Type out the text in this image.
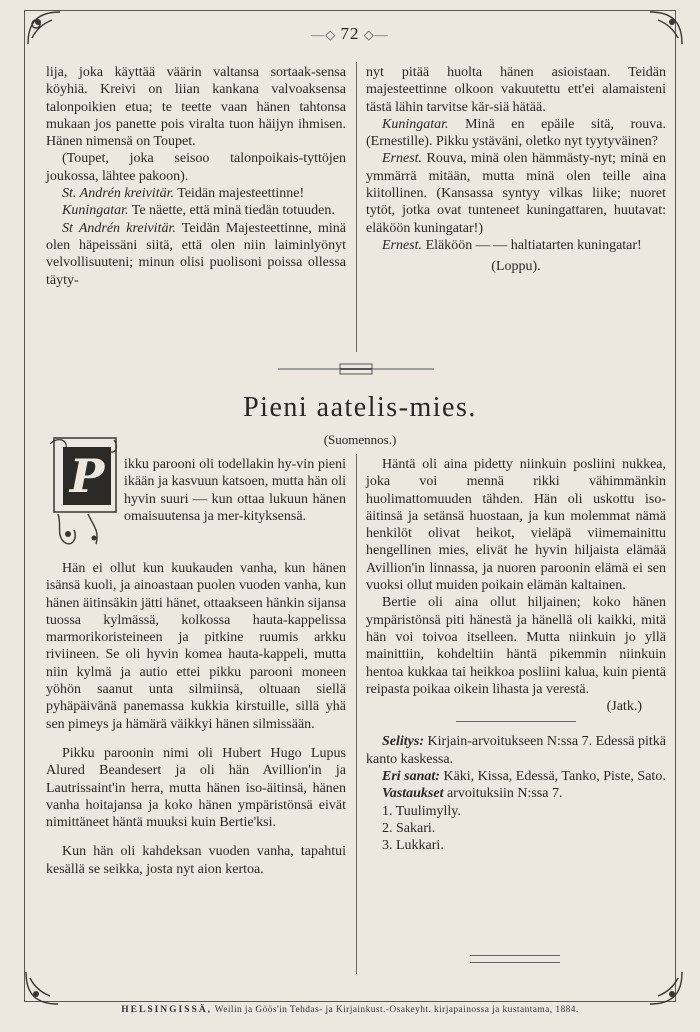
—◇ 72 ◇—

lija, joka käyttää väärin valtansa sortaak-sensa köyhiä. Kreivi on liian kankana valvoaksensa talonpoikien etua; te teette vaan hänen tahtonsa mukaan jos panette pois viralta tuon häijyn ihmisen. Hänen nimensä on Toupet.

(Toupet, joka seisoo talonpoikais-tyttöjen joukossa, lähtee pakoon).

St. Andrén kreivitär. Teidän majesteettinne!

Kuningatar. Te näette, että minä tiedän totuuden.

St Andrén kreivitär. Teidän Majesteettinne, minä olen häpeissäni siitä, että olen niin laiminlyönyt velvollisuuteni; minun olisi puolisoni poissa ollessa täyty-

nyt pitää huolta hänen asioistaan. Teidän majesteettinne olkoon vakuutettu ett'ei alamaisteni tästä lähin tarvitse kär-siä hätää.

Kuningatar. Minä en epäile sitä, rouva. (Ernestille). Pikku ystäväni, oletko nyt tyytyväinen?

Ernest. Rouva, minä olen hämmästy-nyt; minä en ymmärrä mitään, mutta minä olen teille aina kiitollinen. (Kansassa syntyy vilkas liike; nuoret tytöt, jotka ovat tunteneet kuningattaren, huutavat: eläköön kuningatar!)

Ernest. Eläköön — — haltiatarten kuningatar!

(Loppu).

Pieni aatelis-mies.
(Suomennos.)
P	ikku parooni oli todellakin hy-vin pieni ikään ja kasvuun katsoen, mutta hän oli hyvin suuri — kun ottaa lukuun hänen omaisuutensa ja mer-kityksensä.

Hän ei ollut kun kuukauden vanha, kun hänen isänsä kuoli, ja ainoastaan puolen vuoden vanha, kun hänen äitinsäkin jätti hänet, ottaakseen hänkin sijansa tuossa kylmässä, kolkossa hauta-kappelissa marmorikoristeineen ja pitkine ruumis arkku riviineen. Se oli hyvin komea hauta-kappeli, mutta niin kylmä ja autio ettei pikku parooni moneen yöhön saanut unta silmiinsä, oltuaan siellä pyhäpäivänä panemassa kukkia kirstuille, sillä yhä sen pimeys ja hämärä väikkyi hänen silmissään.

Pikku paroonin nimi oli Hubert Hugo Lupus Alured Beandesert ja oli hän Avillion'in ja Lautrissaint'in herra, mutta hänen iso-äitinsä, hänen vanha hoitajansa ja koko hänen ympäristönsä eivät nimittäneet häntä muuksi kuin Bertie'ksi.

Kun hän oli kahdeksan vuoden vanha, tapahtui kesällä se seikka, josta nyt aion kertoa.

Häntä oli aina pidetty niinkuin posliini nukkea, joka voi mennä rikki vähimmänkin huolimattomuuden tähden. Hän oli uskottu iso-äitinsä ja setänsä huostaan, ja kun molemmat nämä henkilöt olivat heikot, vieläpä viimemainittu hengellinen mies, elivät he hyvin hiljaista elämää Avillion'in linnassa, ja nuoren paroonin elämä ei sen vuoksi ollut muiden poikain elämän kaltainen.

Bertie oli aina ollut hiljainen; koko hänen ympäristönsä piti hänestä ja hänellä oli kaikki, mitä hän voi toivoa itselleen. Mutta niinkuin jo yllä mainittiin, kohdeltiin häntä pikemmin niinkuin hentoa kukkaa tai heikkoa posliini kalua, kuin pientä reipasta poikaa oikein lihasta ja verestä.

(Jatk.)

Selitys: Kirjain-arvoitukseen N:ssa 7. Edessä pitkä kanto kaskessa.

Eri sanat: Käki, Kissa, Edessä, Tanko, Piste, Sato.

Vastaukset arvoituksiin N:ssa 7.

1. Tuulimylly.

2. Sakari.

3. Lukkari.

HELSINGISSÄ, Weilin ja Göös'in Tehdas- ja Kirjainkust.-Osakeyht. kirjapainossa ja kustantama, 1884.
